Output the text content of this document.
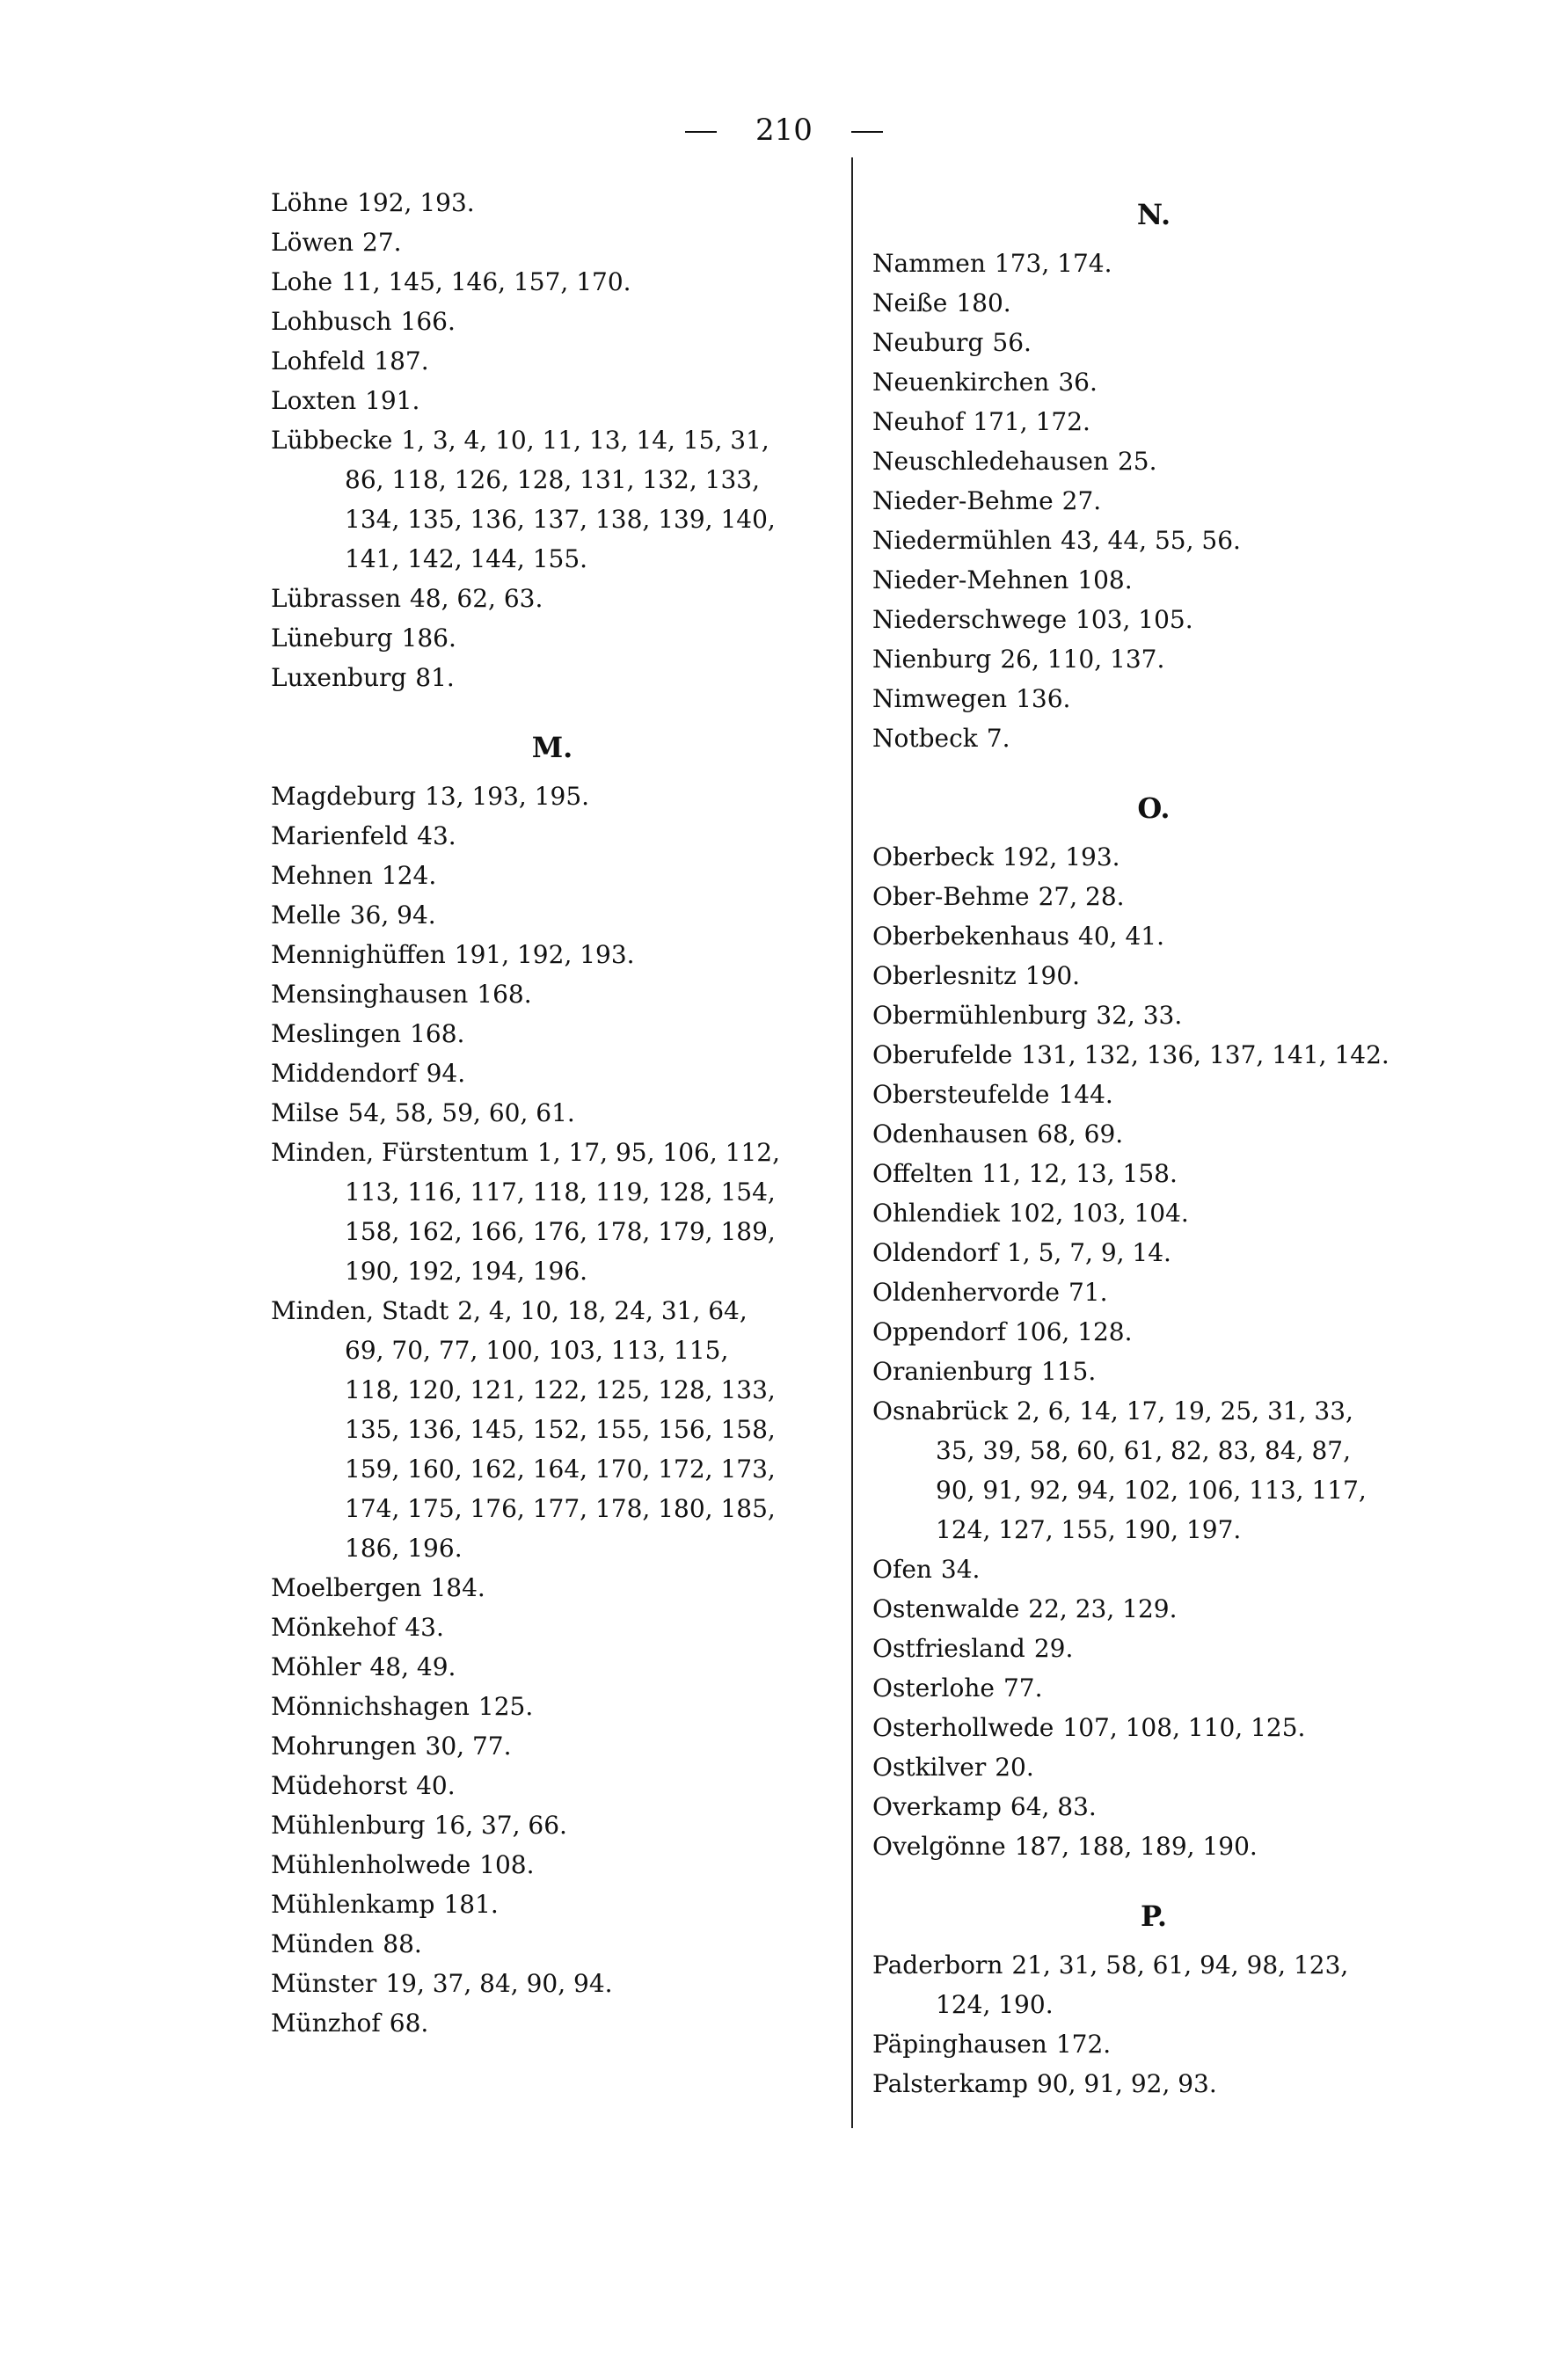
210
Löhne 192, 193.
Löwen 27.
Lohe 11, 145, 146, 157, 170.
Lohbusch 166.
Lohfeld 187.
Loxten 191.
Lübbecke 1, 3, 4, 10, 11, 13, 14, 15, 31,
86, 118, 126, 128, 131, 132, 133,
134, 135, 136, 137, 138, 139, 140,
141, 142, 144, 155.
Lübrassen 48, 62, 63.
Lüneburg 186.
Luxenburg 81.
M.
Magdeburg 13, 193, 195.
Marienfeld 43.
Mehnen 124.
Melle 36, 94.
Mennighüffen 191, 192, 193.
Mensinghausen 168.
Meslingen 168.
Middendorf 94.
Milse 54, 58, 59, 60, 61.
Minden, Fürstentum 1, 17, 95, 106, 112,
113, 116, 117, 118, 119, 128, 154,
158, 162, 166, 176, 178, 179, 189,
190, 192, 194, 196.
Minden, Stadt 2, 4, 10, 18, 24, 31, 64,
69, 70, 77, 100, 103, 113, 115,
118, 120, 121, 122, 125, 128, 133,
135, 136, 145, 152, 155, 156, 158,
159, 160, 162, 164, 170, 172, 173,
174, 175, 176, 177, 178, 180, 185,
186, 196.
Moelbergen 184.
Mönkehof 43.
Möhler 48, 49.
Mönnichshagen 125.
Mohrungen 30, 77.
Müdehorst 40.
Mühlenburg 16, 37, 66.
Mühlenholwede 108.
Mühlenkamp 181.
Münden 88.
Münster 19, 37, 84, 90, 94.
Münzhof 68.
N.
Nammen 173, 174.
Neiße 180.
Neuburg 56.
Neuenkirchen 36.
Neuhof 171, 172.
Neuschledehausen 25.
Nieder-Behme 27.
Niedermühlen 43, 44, 55, 56.
Nieder-Mehnen 108.
Niederschwege 103, 105.
Nienburg 26, 110, 137.
Nimwegen 136.
Notbeck 7.
O.
Oberbeck 192, 193.
Ober-Behme 27, 28.
Oberbekenhaus 40, 41.
Oberlesnitz 190.
Obermühlenburg 32, 33.
Oberufelde 131, 132, 136, 137, 141, 142.
Obersteufelde 144.
Odenhausen 68, 69.
Offelten 11, 12, 13, 158.
Ohlendiek 102, 103, 104.
Oldendorf 1, 5, 7, 9, 14.
Oldenhervorde 71.
Oppendorf 106, 128.
Oranienburg 115.
Osnabrück 2, 6, 14, 17, 19, 25, 31, 33,
35, 39, 58, 60, 61, 82, 83, 84, 87,
90, 91, 92, 94, 102, 106, 113, 117,
124, 127, 155, 190, 197.
Ofen 34.
Ostenwalde 22, 23, 129.
Ostfriesland 29.
Osterlohe 77.
Osterhollwede 107, 108, 110, 125.
Ostkilver 20.
Overkamp 64, 83.
Ovelgönne 187, 188, 189, 190.
P.
Paderborn 21, 31, 58, 61, 94, 98, 123,
124, 190.
Päpinghausen 172.
Palsterkamp 90, 91, 92, 93.
